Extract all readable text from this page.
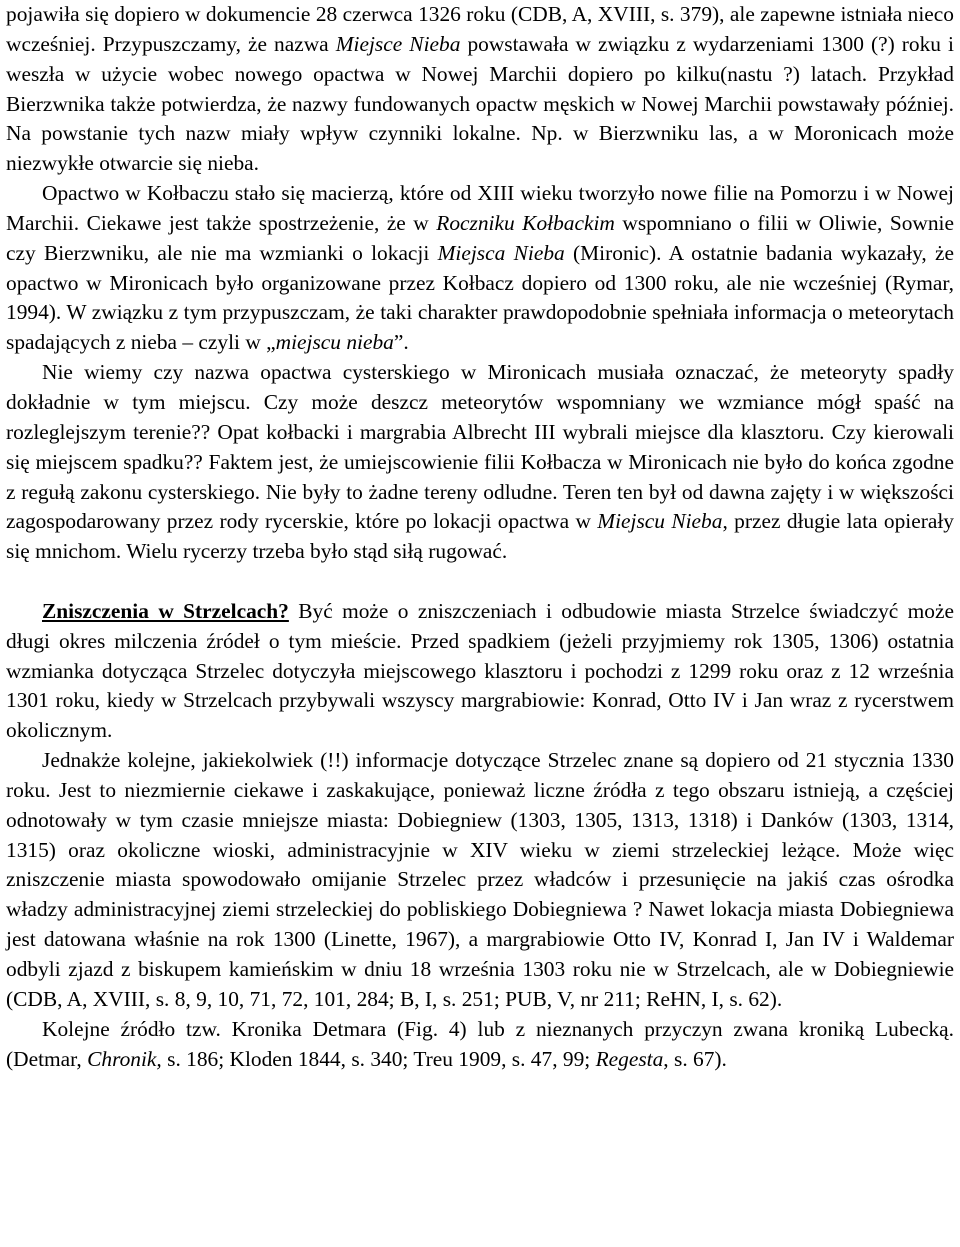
pojawiła się dopiero w dokumencie 28 czerwca 1326 roku (CDB, A, XVIII, s. 379), ale zapewne istniała nieco wcześniej. Przypuszczamy, że nazwa Miejsce Nieba powstawała w związku z wydarzeniami 1300 (?) roku i weszła w użycie wobec nowego opactwa w Nowej Marchii dopiero po kilku(nastu ?) latach. Przykład Bierzwnika także potwierdza, że nazwy fundowanych opactw męskich w Nowej Marchii powstawały później. Na powstanie tych nazw miały wpływ czynniki lokalne. Np. w Bierzwniku las, a w Moronicach może niezwykłe otwarcie się nieba.

Opactwo w Kołbaczu stało się macierzą, które od XIII wieku tworzyło nowe filie na Pomorzu i w Nowej Marchii. Ciekawe jest także spostrzeżenie, że w Roczniku Kołbackim wspomniano o filii w Oliwie, Sownie czy Bierzwniku, ale nie ma wzmianki o lokacji Miejsca Nieba (Mironic). A ostatnie badania wykazały, że opactwo w Mironicach było organizowane przez Kołbacz dopiero od 1300 roku, ale nie wcześniej (Rymar, 1994). W związku z tym przypuszczam, że taki charakter prawdopodobnie spełniała informacja o meteorytach spadających z nieba – czyli w „miejscu nieba”.

Nie wiemy czy nazwa opactwa cysterskiego w Mironicach musiała oznaczać, że meteoryty spadły dokładnie w tym miejscu. Czy może deszcz meteorytów wspomniany we wzmiance mógł spaść na rozleglejszym terenie?? Opat kołbacki i margrabia Albrecht III wybrali miejsce dla klasztoru. Czy kierowali się miejscem spadku?? Faktem jest, że umiejscowienie filii Kołbacza w Mironicach nie było do końca zgodne z regułą zakonu cysterskiego. Nie były to żadne tereny odludne. Teren ten był od dawna zajęty i w większości zagospodarowany przez rody rycerskie, które po lokacji opactwa w Miejscu Nieba, przez długie lata opierały się mnichom. Wielu rycerzy trzeba było stąd siłą rugować.

Zniszczenia w Strzelcach? Być może o zniszczeniach i odbudowie miasta Strzelce świadczyć może długi okres milczenia źródeł o tym mieście. Przed spadkiem (jeżeli przyjmiemy rok 1305, 1306) ostatnia wzmianka dotycząca Strzelec dotyczyła miejscowego klasztoru i pochodzi z 1299 roku oraz z 12 września 1301 roku, kiedy w Strzelcach przybywali wszyscy margrabiowie: Konrad, Otto IV i Jan wraz z rycerstwem okolicznym.

Jednakże kolejne, jakiekolwiek (!!) informacje dotyczące Strzelec znane są dopiero od 21 stycznia 1330 roku. Jest to niezmiernie ciekawe i zaskakujące, ponieważ liczne źródła z tego obszaru istnieją, a częściej odnotowały w tym czasie mniejsze miasta: Dobiegniew (1303, 1305, 1313, 1318) i Danków (1303, 1314, 1315) oraz okoliczne wioski, administracyjnie w XIV wieku w ziemi strzeleckiej leżące. Może więc zniszczenie miasta spowodowało omijanie Strzelec przez władców i przesunięcie na jakiś czas ośrodka władzy administracyjnej ziemi strzeleckiej do pobliskiego Dobiegniewa ? Nawet lokacja miasta Dobiegniewa jest datowana właśnie na rok 1300 (Linette, 1967), a margrabiowie Otto IV, Konrad I, Jan IV i Waldemar odbyli zjazd z biskupem kamieńskim w dniu 18 września 1303 roku nie w Strzelcach, ale w Dobiegniewie (CDB, A, XVIII, s. 8, 9, 10, 71, 72, 101, 284; B, I, s. 251; PUB, V, nr 211; ReHN, I, s. 62).

Kolejne źródło tzw. Kronika Detmara (Fig. 4) lub z nieznanych przyczyn zwana kroniką Lubecką. (Detmar, Chronik, s. 186; Kloden 1844, s. 340; Treu 1909, s. 47, 99; Regesta, s. 67).
